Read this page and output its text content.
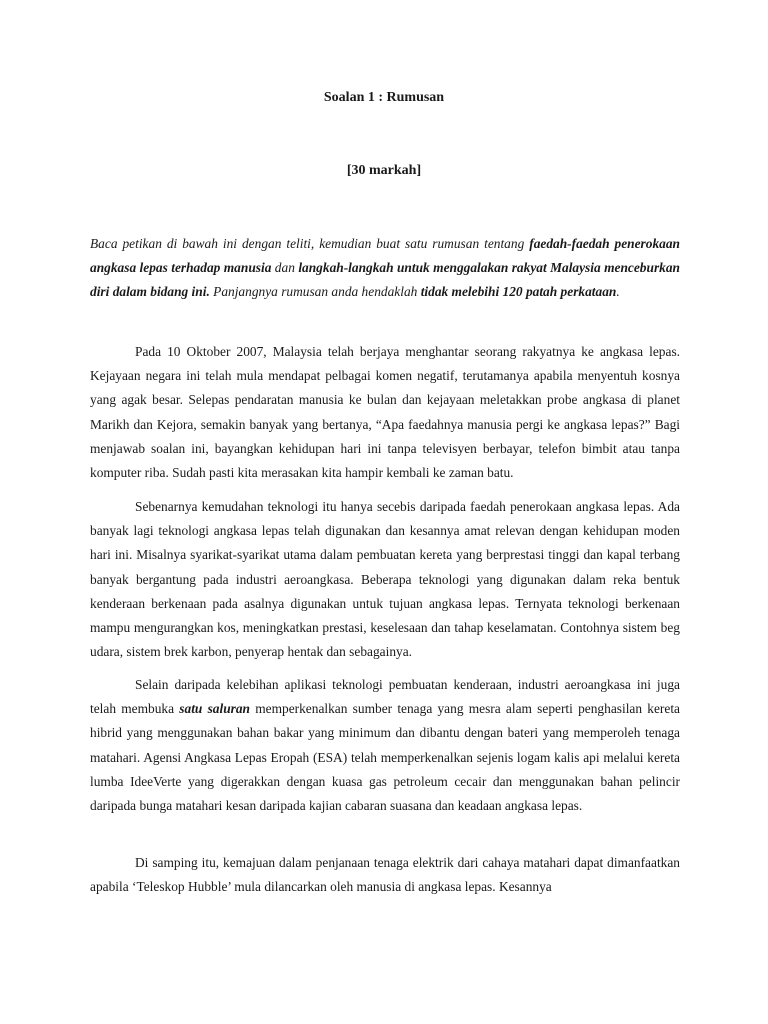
Soalan 1 : Rumusan
[30 markah]

Baca petikan di bawah ini dengan teliti, kemudian buat satu rumusan tentang faedah-faedah penerokaan angkasa lepas terhadap manusia dan langkah-langkah untuk menggalakan rakyat Malaysia menceburkan diri dalam bidang ini. Panjangnya rumusan anda hendaklah tidak melebihi 120 patah perkataan.

Pada 10 Oktober 2007, Malaysia telah berjaya menghantar seorang rakyatnya ke angkasa lepas. Kejayaan negara ini telah mula mendapat pelbagai komen negatif, terutamanya apabila menyentuh kosnya yang agak besar. Selepas pendaratan manusia ke bulan dan kejayaan meletakkan probe angkasa di planet Marikh dan Kejora, semakin banyak yang bertanya, “Apa faedahnya manusia pergi ke angkasa lepas?” Bagi menjawab soalan ini, bayangkan kehidupan hari ini tanpa televisyen berbayar, telefon bimbit atau tanpa komputer riba. Sudah pasti kita merasakan kita hampir kembali ke zaman batu.

Sebenarnya kemudahan teknologi itu hanya secebis daripada faedah penerokaan angkasa lepas. Ada banyak lagi teknologi angkasa lepas telah digunakan dan kesannya amat relevan dengan kehidupan moden hari ini. Misalnya syarikat-syarikat utama dalam pembuatan kereta yang berprestasi tinggi dan kapal terbang banyak bergantung pada industri aeroangkasa. Beberapa teknologi yang digunakan dalam reka bentuk kenderaan berkenaan pada asalnya digunakan untuk tujuan angkasa lepas. Ternyata teknologi berkenaan mampu mengurangkan kos, meningkatkan prestasi, keselesaan dan tahap keselamatan. Contohnya sistem beg udara, sistem brek karbon, penyerap hentak dan sebagainya.

Selain daripada kelebihan aplikasi teknologi pembuatan kenderaan, industri aeroangkasa ini juga telah membuka satu saluran memperkenalkan sumber tenaga yang mesra alam seperti penghasilan kereta hibrid yang menggunakan bahan bakar yang minimum dan dibantu dengan bateri yang memperoleh tenaga matahari. Agensi Angkasa Lepas Eropah (ESA) telah memperkenalkan sejenis logam kalis api melalui kereta lumba IdeeVerte yang digerakkan dengan kuasa gas petroleum cecair dan menggunakan bahan pelincir daripada bunga matahari kesan daripada kajian cabaran suasana dan keadaan angkasa lepas.

Di samping itu, kemajuan dalam penjanaan tenaga elektrik dari cahaya matahari dapat dimanfaatkan apabila ‘Teleskop Hubble’ mula dilancarkan oleh manusia di angkasa lepas. Kesannya
